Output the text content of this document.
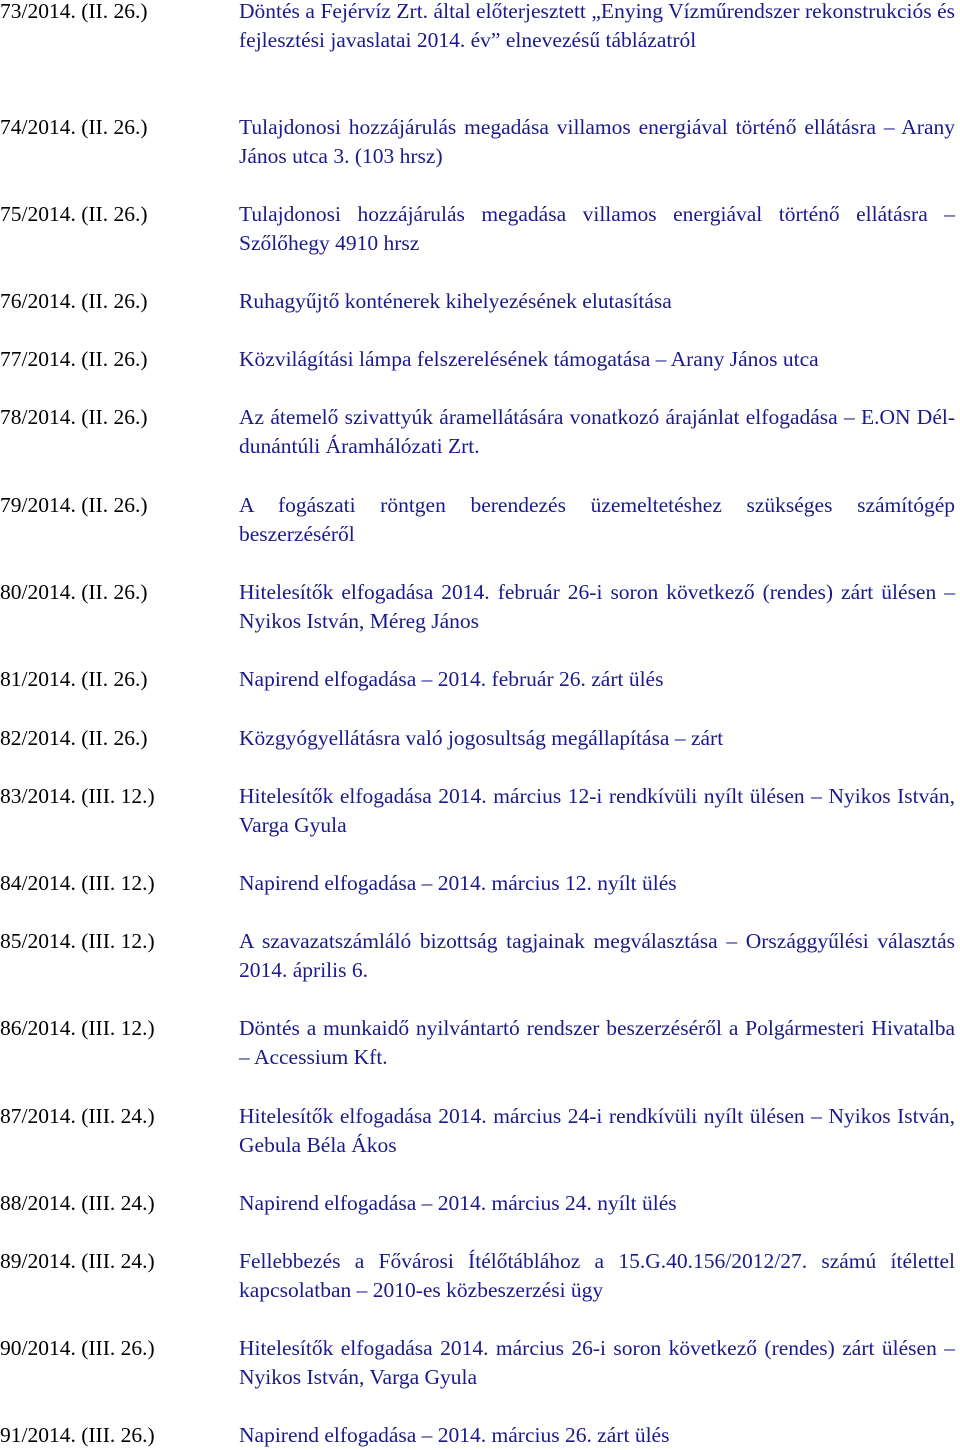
73/2014. (II. 26.)	Döntés a Fejérvíz Zrt. által előterjesztett „Enying Vízműrendszer rekonstrukciós és fejlesztési javaslatai 2014. év” elnevezésű táblázatról
74/2014. (II. 26.)	Tulajdonosi hozzájárulás megadása villamos energiával történő ellátásra – Arany János utca 3. (103 hrsz)
75/2014. (II. 26.)	Tulajdonosi hozzájárulás megadása villamos energiával történő ellátásra – Szőlőhegy 4910 hrsz
76/2014. (II. 26.)	Ruhagyűjtő konténerek kihelyezésének elutasítása
77/2014. (II. 26.)	Közvilágítási lámpa felszerelésének támogatása – Arany János utca
78/2014. (II. 26.)	Az átemelő szivattyúk áramellátására vonatkozó árajánlat elfogadása – E.ON Dél-dunántúli Áramhálózati Zrt.
79/2014. (II. 26.)	A fogászati röntgen berendezés üzemeltetéshez szükséges számítógép beszerzéséről
80/2014. (II. 26.)	Hitelesítők elfogadása 2014. február 26-i soron következő (rendes) zárt ülésen – Nyikos István, Méreg János
81/2014. (II. 26.)	Napirend elfogadása – 2014. február 26. zárt ülés
82/2014. (II. 26.)	Közgyógyellátásra való jogosultság megállapítása – zárt
83/2014. (III. 12.)	Hitelesítők elfogadása 2014. március 12-i rendkívüli nyílt ülésen – Nyikos István, Varga Gyula
84/2014. (III. 12.)	Napirend elfogadása – 2014. március 12. nyílt ülés
85/2014. (III. 12.)	A szavazatszámláló bizottság tagjainak megválasztása – Országgyűlési választás 2014. április 6.
86/2014. (III. 12.)	Döntés a munkaidő nyilvántartó rendszer beszerzéséről a Polgármesteri Hivatalba – Accessium Kft.
87/2014. (III. 24.)	Hitelesítők elfogadása 2014. március 24-i rendkívüli nyílt ülésen – Nyikos István, Gebula Béla Ákos
88/2014. (III. 24.)	Napirend elfogadása – 2014. március 24. nyílt ülés
89/2014. (III. 24.)	Fellebbezés a Fővárosi Ítélőtáblához a 15.G.40.156/2012/27. számú ítélettel kapcsolatban – 2010-es közbeszerzési ügy
90/2014. (III. 26.)	Hitelesítők elfogadása 2014. március 26-i soron következő (rendes) zárt ülésen – Nyikos István, Varga Gyula
91/2014. (III. 26.)	Napirend elfogadása – 2014. március 26. zárt ülés
